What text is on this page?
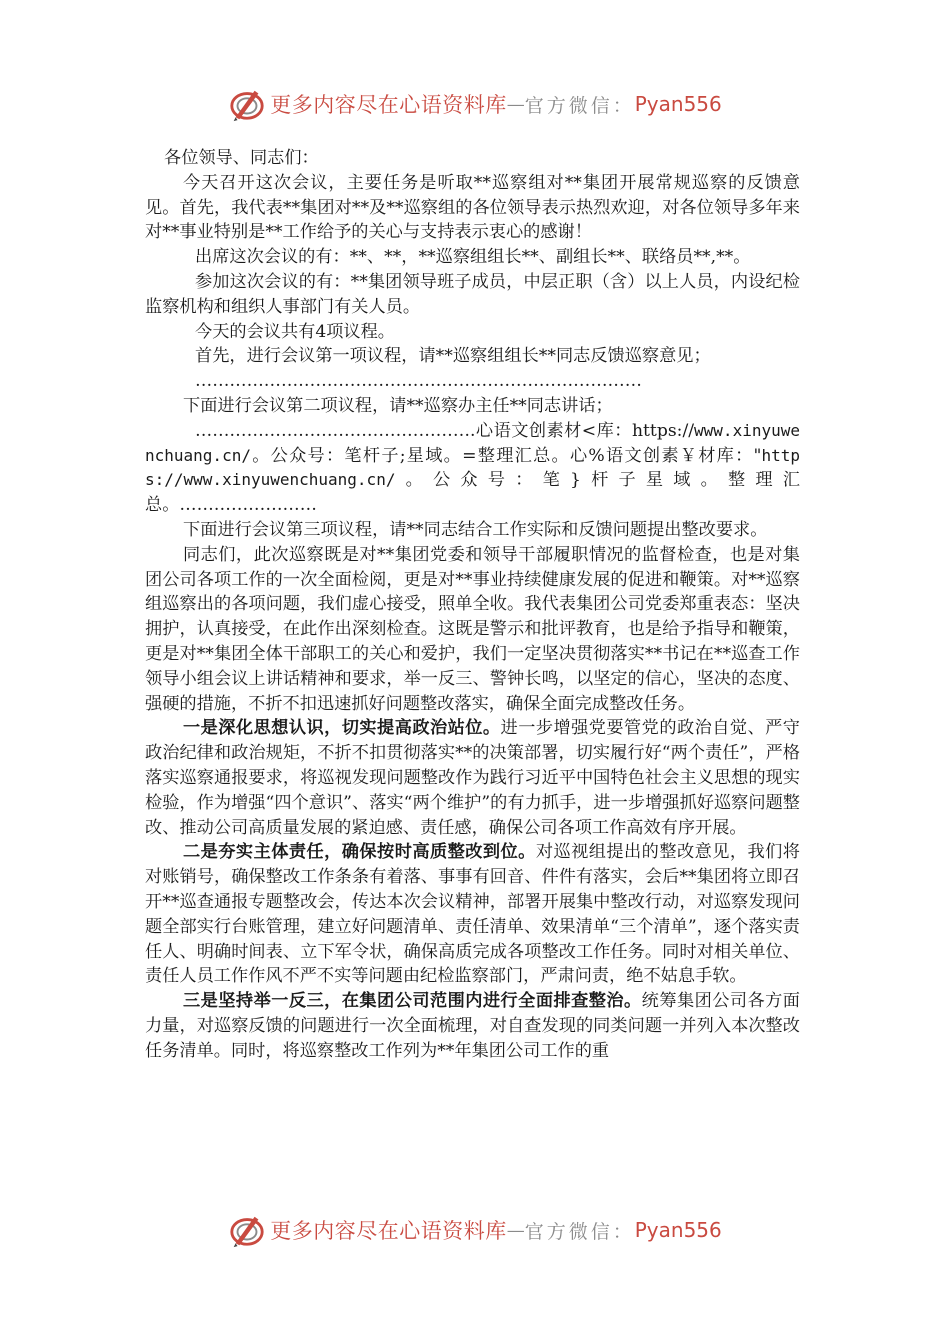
更多内容尽在心语资料库 — 官方微信： Pyan556

各位领导、同志们：

今天召开这次会议，主要任务是听取**巡察组对**集团开展常规巡察的反馈意见。首先，我代表**集团对**及**巡察组的各位领导表示热烈欢迎，对各位领导多年来对**事业特别是**工作给予的关心与支持表示衷心的感谢！

出席这次会议的有：**、**，**巡察组组长**、副组长**、联络员**,**。

参加这次会议的有：**集团领导班子成员，中层正职（含）以上人员，内设纪检监察机构和组织人事部门有关人员。

今天的会议共有4项议程。

首先，进行会议第一项议程，请**巡察组组长**同志反馈巡察意见；

……………………………………………………………………

下面进行会议第二项议程，请**巡察办主任**同志讲话；

………………………………………….心语文创素材<库：https://www.xinyuwenchuang.cn/。公众号：笔杆子;星域。=整理汇总。心%语文创素￥材库："https://www.xinyuwenchuang.cn/。公众号：笔}杆子星域。整理汇总。……………………

下面进行会议第三项议程，请**同志结合工作实际和反馈问题提出整改要求。

同志们，此次巡察既是对**集团党委和领导干部履职情况的监督检查，也是对集团公司各项工作的一次全面检阅，更是对**事业持续健康发展的促进和鞭策。对**巡察组巡察出的各项问题，我们虚心接受，照单全收。我代表集团公司党委郑重表态：坚决拥护，认真接受，在此作出深刻检查。这既是警示和批评教育，也是给予指导和鞭策，更是对**集团全体干部职工的关心和爱护，我们一定坚决贯彻落实**书记在**巡查工作领导小组会议上讲话精神和要求，举一反三、警钟长鸣，以坚定的信心，坚决的态度、强硬的措施，不折不扣迅速抓好问题整改落实，确保全面完成整改任务。

一是深化思想认识，切实提高政治站位。进一步增强党要管党的政治自觉、严守政治纪律和政治规矩，不折不扣贯彻落实**的决策部署，切实履行好“两个责任”，严格落实巡察通报要求，将巡视发现问题整改作为践行习近平中国特色社会主义思想的现实检验，作为增强“四个意识”、落实“两个维护”的有力抓手，进一步增强抓好巡察问题整改、推动公司高质量发展的紧迫感、责任感，确保公司各项工作高效有序开展。

二是夯实主体责任，确保按时高质整改到位。对巡视组提出的整改意见，我们将对账销号，确保整改工作条条有着落、事事有回音、件件有落实，会后**集团将立即召开**巡查通报专题整改会，传达本次会议精神，部署开展集中整改行动，对巡察发现问题全部实行台账管理，建立好问题清单、责任清单、效果清单“三个清单”，逐个落实责任人、明确时间表、立下军令状，确保高质完成各项整改工作任务。同时对相关单位、责任人员工作作风不严不实等问题由纪检监察部门，严肃问责，绝不姑息手软。

三是坚持举一反三，在集团公司范围内进行全面排查整治。统筹集团公司各方面力量，对巡察反馈的问题进行一次全面梳理，对自查发现的同类问题一并列入本次整改任务清单。同时，将巡察整改工作列为**年集团公司工作的重

更多内容尽在心语资料库 — 官方微信： Pyan556
